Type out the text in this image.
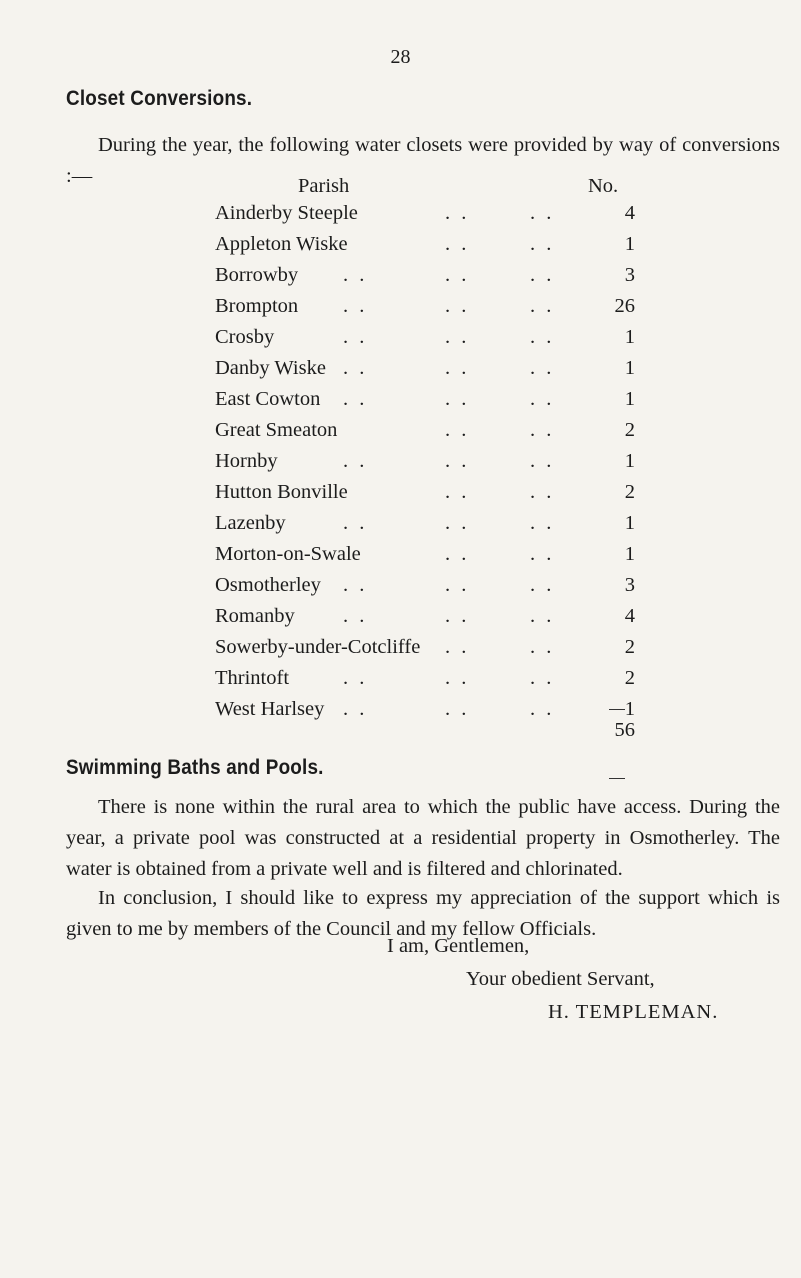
28
Closet Conversions.
During the year, the following water closets were provided by way of conversions :—	Parish	No.
Ainderby Steeple	4
. .	. .
Appleton Wiske	1
. .	. .
Borrowby	3
. .	. .	. .
Brompton	26
. .	. .	. .
Crosby	1
. .	. .	. .
Danby Wiske	1
. .	. .	. .
East Cowton	1
. .	. .	. .
Great Smeaton	2
. .	. .
Hornby	1
. .	. .	. .
Hutton Bonville	2
. .	. .
Lazenby	1
. .	. .	. .
Morton-on-Swale	1
. .	. .
Osmotherley	3
. .	. .	. .
Romanby	4
. .	. .	. .
Sowerby-under-Cotcliffe	2
. .	. .
Thrintoft	2
. .	. .	. .
West Harlsey	1
. .	. .	. .
56
Swimming Baths and Pools.
There is none within the rural area to which the public have access. During the year, a private pool was constructed at a residential property in Osmotherley. The water is obtained from a private well and is filtered and chlorinated.
In conclusion, I should like to express my appreciation of the support which is given to me by members of the Council and my fellow Officials.
I am, Gentlemen,
Your obedient Servant,
H. TEMPLEMAN.
